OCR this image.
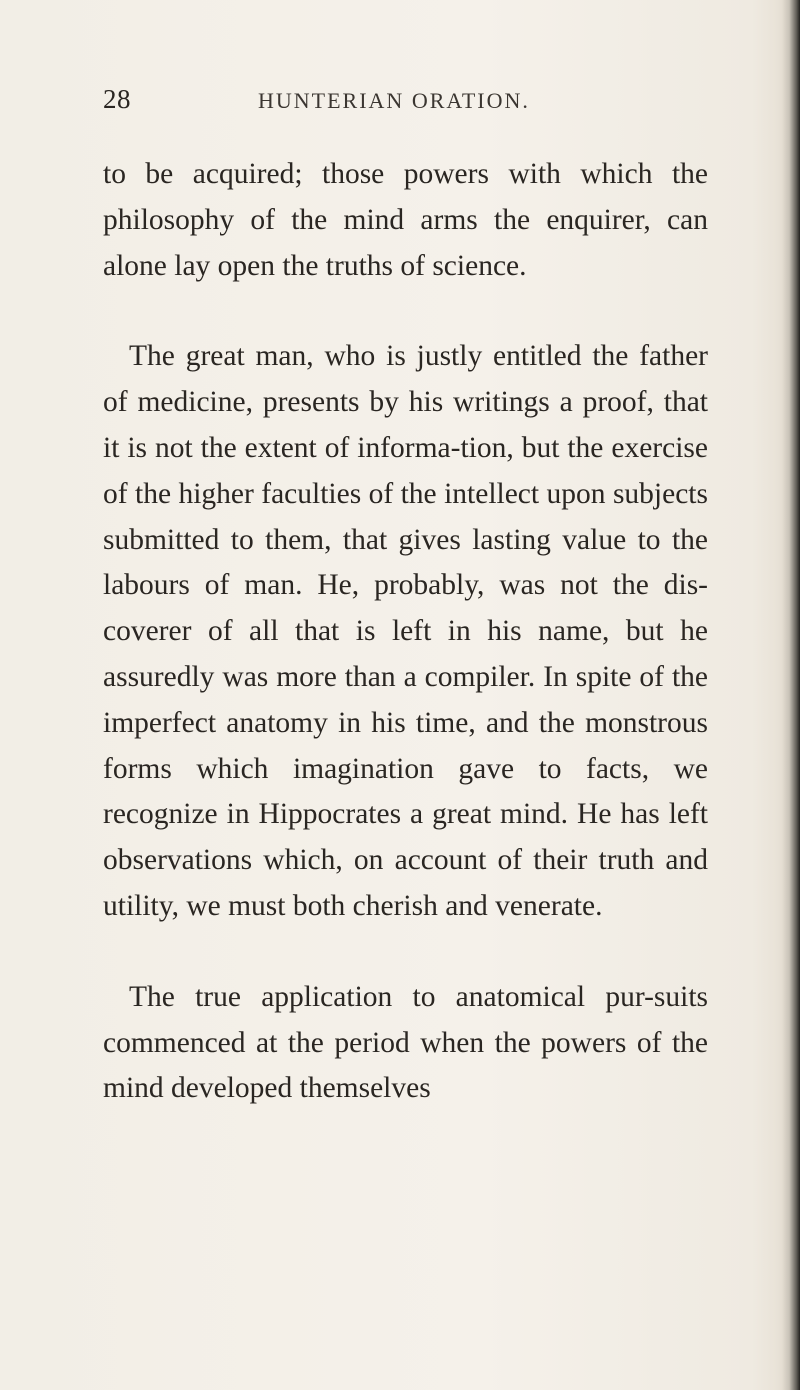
28	HUNTERIAN ORATION.

to be acquired; those powers with which the philosophy of the mind arms the enquirer, can alone lay open the truths of science.

The great man, who is justly entitled the father of medicine, presents by his writings a proof, that it is not the extent of informa-tion, but the exercise of the higher faculties of the intellect upon subjects submitted to them, that gives lasting value to the labours of man. He, probably, was not the dis-coverer of all that is left in his name, but he assuredly was more than a compiler. In spite of the imperfect anatomy in his time, and the monstrous forms which imagination gave to facts, we recognize in Hippocrates a great mind. He has left observations which, on account of their truth and utility, we must both cherish and venerate.

The true application to anatomical pur-suits commenced at the period when the powers of the mind developed themselves
